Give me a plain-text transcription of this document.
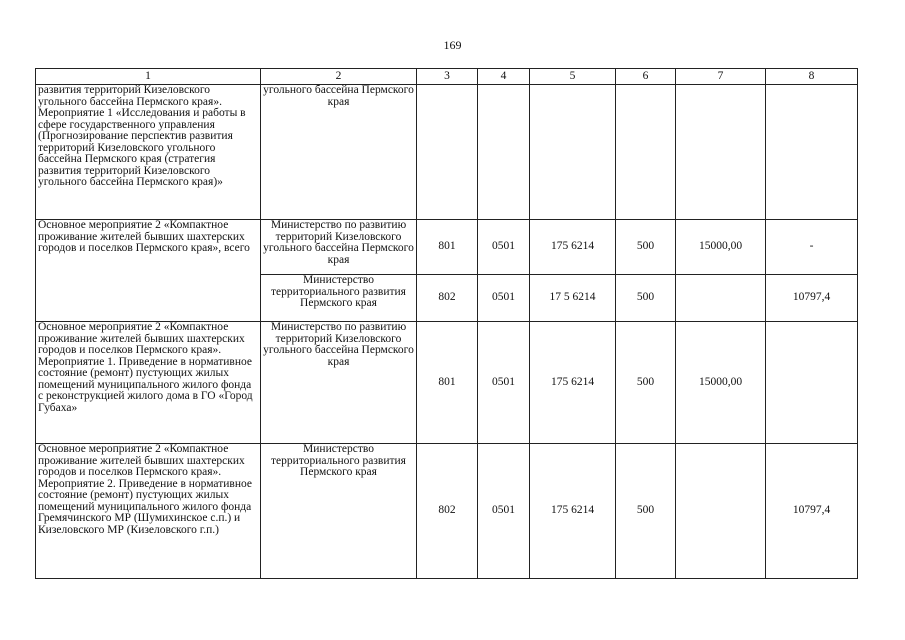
169
1	2	3	4	5	6	7	8
развития территорий Кизеловского угольного бассейна Пермского края». Мероприятие 1 «Исследования и работы в сфере государственного управления (Прогнозирование перспектив развития территорий Кизеловского угольного бассейна Пермского края (стратегия развития территорий Кизеловского угольного бассейна Пермского края)»	угольного бассейна Пермского края						
Основное мероприятие 2 «Компактное проживание жителей бывших шахтерских городов и поселков Пермского края», всего	Министерство по развитию территорий Кизеловского угольного бассейна Пермского края	801	0501	175 6214	500	15000,00	-
	Министерство территориального развития Пермского края	802	0501	17 5 6214	500		10797,4
Основное мероприятие 2 «Компактное проживание жителей бывших шахтерских городов и поселков Пермского края». Мероприятие 1. Приведение в нормативное состояние (ремонт) пустующих жилых помещений муниципального жилого фонда с реконструкцией жилого дома в ГО «Город Губаха»	Министерство по развитию территорий Кизеловского угольного бассейна Пермского края	801	0501	175 6214	500	15000,00	
Основное мероприятие 2 «Компактное проживание жителей бывших шахтерских городов и поселков Пермского края». Мероприятие 2. Приведение в нормативное состояние (ремонт) пустующих жилых помещений муниципального жилого фонда Гремячинского МР (Шумихинское с.п.) и Кизеловского МР (Кизеловского г.п.)	Министерство территориального развития Пермского края	802	0501	175 6214	500		10797,4
